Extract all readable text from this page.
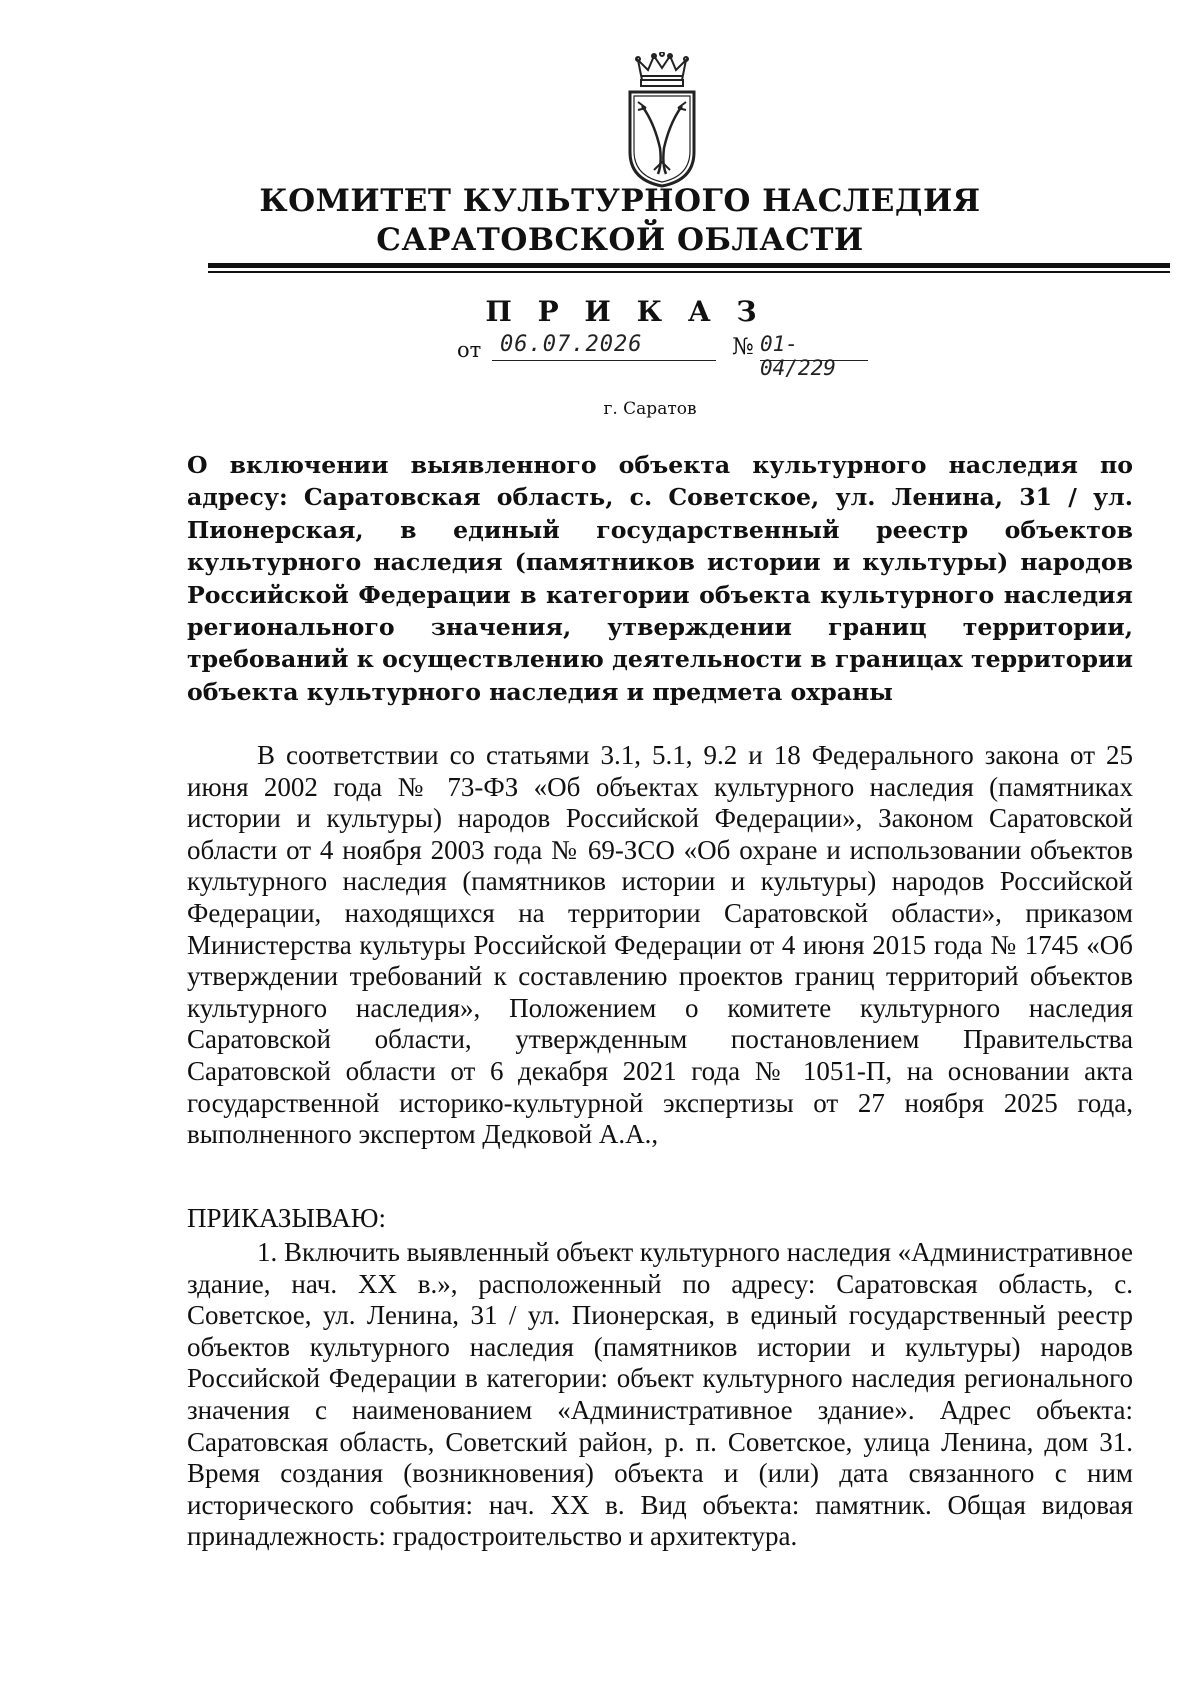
КОМИТЕТ КУЛЬТУРНОГО НАСЛЕДИЯ
САРАТОВСКОЙ ОБЛАСТИ
П Р И К А З
от 06.07.2026	№ 01-04/229
г. Саратов

О включении выявленного объекта культурного наследия по адресу: Саратовская область, с. Советское, ул. Ленина, 31 / ул. Пионерская, в единый государственный реестр объектов культурного наследия (памятников истории и культуры) народов Российской Федерации в категории объекта культурного наследия регионального значения, утверждении границ территории, требований к осуществлению деятельности в границах территории объекта культурного наследия и предмета охраны

В соответствии со статьями 3.1, 5.1, 9.2 и 18 Федерального закона от 25 июня 2002 года № 73-ФЗ «Об объектах культурного наследия (памятниках истории и культуры) народов Российской Федерации», Законом Саратовской области от 4 ноября 2003 года № 69-ЗСО «Об охране и использовании объектов культурного наследия (памятников истории и культуры) народов Российской Федерации, находящихся на территории Саратовской области», приказом Министерства культуры Российской Федерации от 4 июня 2015 года № 1745 «Об утверждении требований к составлению проектов границ территорий объектов культурного наследия», Положением о комитете культурного наследия Саратовской области, утвержденным постановлением Правительства Саратовской области от 6 декабря 2021 года № 1051-П, на основании акта государственной историко-культурной экспертизы от 27 ноября 2025 года, выполненного экспертом Дедковой А.А.,

ПРИКАЗЫВАЮ:

1. Включить выявленный объект культурного наследия «Административное здание, нач. XX в.», расположенный по адресу: Саратовская область, с. Советское, ул. Ленина, 31 / ул. Пионерская, в единый государственный реестр объектов культурного наследия (памятников истории и культуры) народов Российской Федерации в категории: объект культурного наследия регионального значения с наименованием «Административное здание». Адрес объекта: Саратовская область, Советский район, р. п. Советское, улица Ленина, дом 31. Время создания (возникновения) объекта и (или) дата связанного с ним исторического события: нач. XX в. Вид объекта: памятник. Общая видовая принадлежность: градостроительство и архитектура.
